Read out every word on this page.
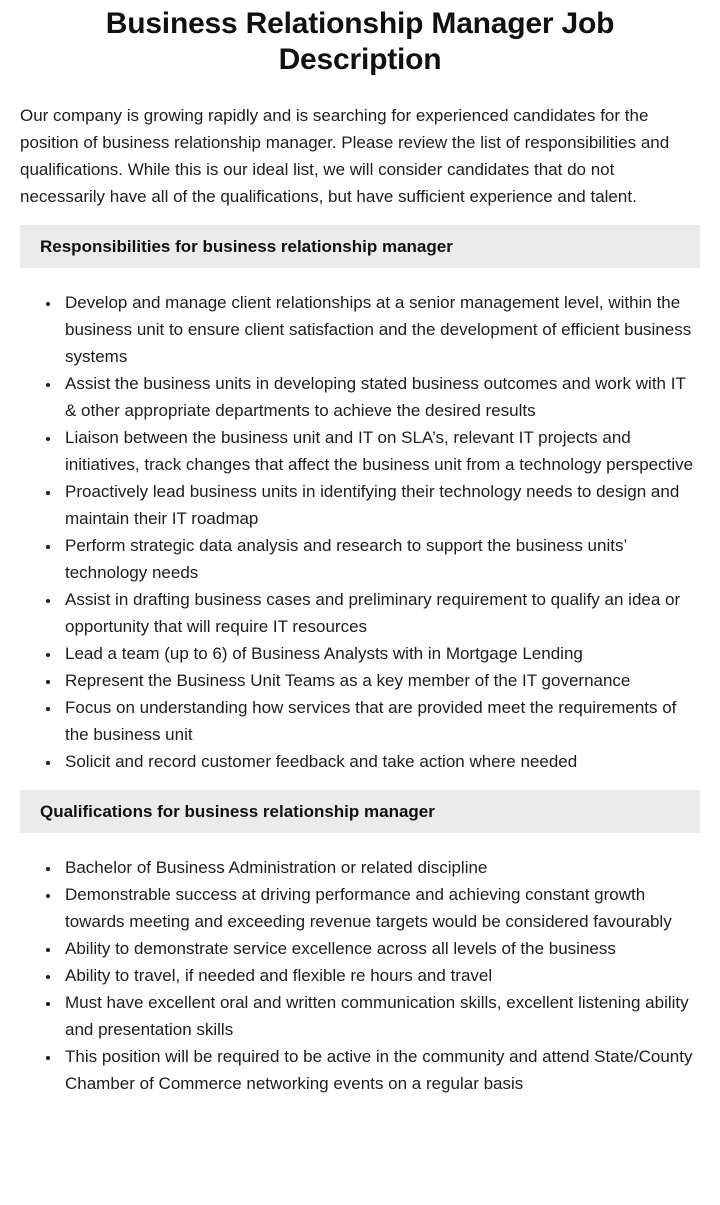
Business Relationship Manager Job Description

Our company is growing rapidly and is searching for experienced candidates for the position of business relationship manager. Please review the list of responsibilities and qualifications. While this is our ideal list, we will consider candidates that do not necessarily have all of the qualifications, but have sufficient experience and talent.

Responsibilities for business relationship manager
• Develop and manage client relationships at a senior management level, within the business unit to ensure client satisfaction and the development of efficient business systems
• Assist the business units in developing stated business outcomes and work with IT & other appropriate departments to achieve the desired results
• Liaison between the business unit and IT on SLA’s, relevant IT projects and initiatives, track changes that affect the business unit from a technology perspective
• Proactively lead business units in identifying their technology needs to design and maintain their IT roadmap
• Perform strategic data analysis and research to support the business units’ technology needs
• Assist in drafting business cases and preliminary requirement to qualify an idea or opportunity that will require IT resources
• Lead a team (up to 6) of Business Analysts with in Mortgage Lending
• Represent the Business Unit Teams as a key member of the IT governance
• Focus on understanding how services that are provided meet the requirements of the business unit
• Solicit and record customer feedback and take action where needed
Qualifications for business relationship manager
• Bachelor of Business Administration or related discipline
• Demonstrable success at driving performance and achieving constant growth towards meeting and exceeding revenue targets would be considered favourably
• Ability to demonstrate service excellence across all levels of the business
• Ability to travel, if needed and flexible re hours and travel
• Must have excellent oral and written communication skills, excellent listening ability and presentation skills
• This position will be required to be active in the community and attend State/County Chamber of Commerce networking events on a regular basis
